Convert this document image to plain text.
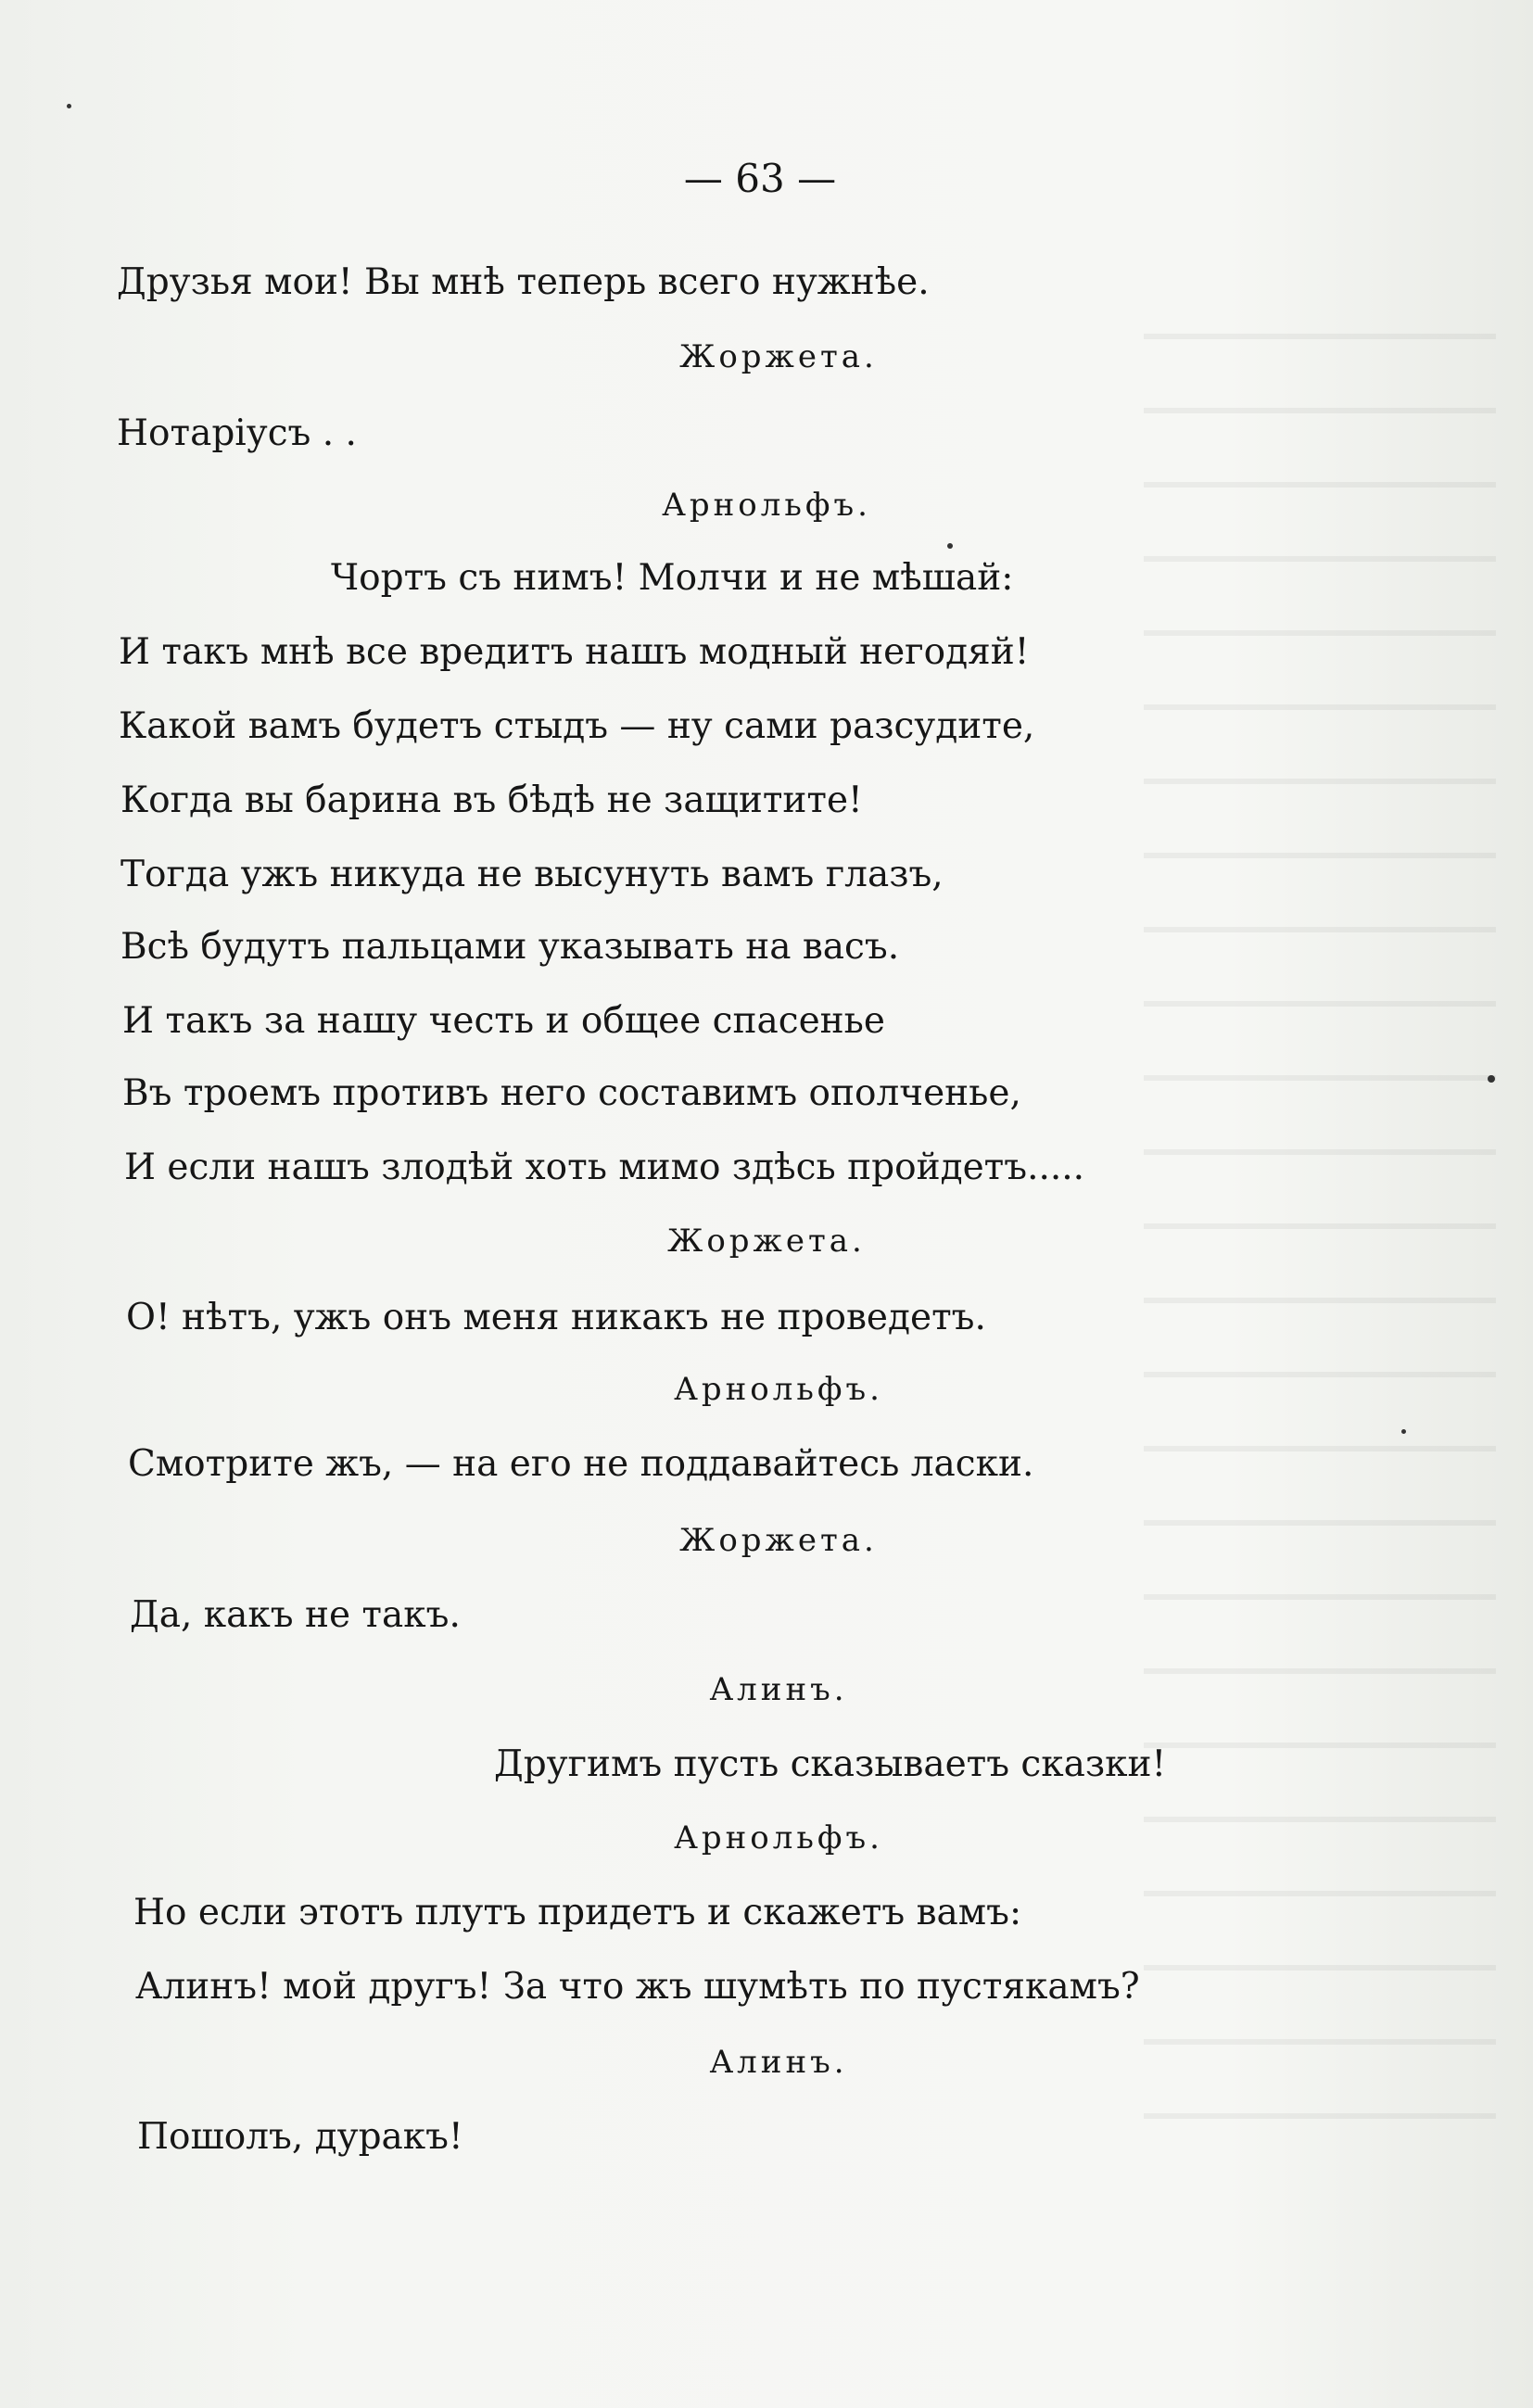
— 63 —

Друзья мои! Вы мнѣ теперь всего нужнѣе.

Жоржета.

Нотаріусъ . .

Арнольфъ.

Чортъ съ нимъ! Молчи и не мѣшай:

И такъ мнѣ все вредитъ нашъ модный негодяй!

Какой вамъ будетъ стыдъ — ну сами разсудите,

Когда вы барина въ бѣдѣ не защитите!

Тогда ужъ никуда не высунуть вамъ глазъ,

Всѣ будутъ пальцами указывать на васъ.

И такъ за нашу честь и общее спасенье

Въ троемъ противъ него составимъ ополченье,

И если нашъ злодѣй хоть мимо здѣсь пройдетъ.....

Жоржета.

О! нѣтъ, ужъ онъ меня никакъ не проведетъ.

Арнольфъ.

Смотрите жъ, — на его не поддавайтесь ласки.

Жоржета.

Да, какъ не такъ.

Алинъ.

Другимъ пусть сказываетъ сказки!

Арнольфъ.

Но если этотъ плутъ придетъ и скажетъ вамъ:

Алинъ! мой другъ! За что жъ шумѣть по пустякамъ?

Алинъ.

Пошолъ, дуракъ!
